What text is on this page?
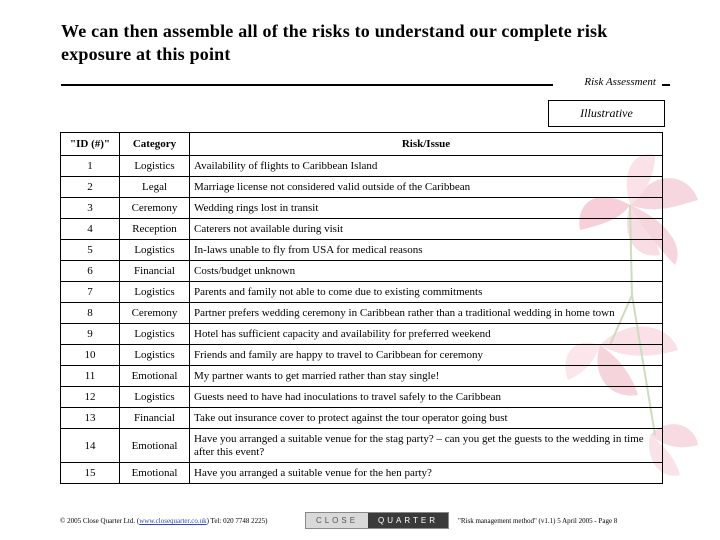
We can then assemble all of the risks to understand our complete risk exposure at this point
Risk Assessment
Illustrative
"ID (#)"	Category	Risk/Issue
1	Logistics	Availability of flights to Caribbean Island
2	Legal	Marriage license not considered valid outside of the Caribbean
3	Ceremony	Wedding rings lost in transit
4	Reception	Caterers not available during visit
5	Logistics	In-laws unable to fly from USA for medical reasons
6	Financial	Costs/budget unknown
7	Logistics	Parents and family not able to come due to existing commitments
8	Ceremony	Partner prefers wedding ceremony in Caribbean rather than a traditional wedding in home town
9	Logistics	Hotel has sufficient capacity and availability for preferred weekend
10	Logistics	Friends and family are happy to travel to Caribbean for ceremony
11	Emotional	My partner wants to get married rather than stay single!
12	Logistics	Guests need to have had inoculations to travel safely to the Caribbean
13	Financial	Take out insurance cover to protect against the tour operator going bust
14	Emotional	Have you arranged a suitable venue for the stag party? – can you get the guests to the wedding in time after this event?
15	Emotional	Have you arranged a suitable venue for the hen party?
© 2005 Close Quarter Ltd. (www.closequarter.co.uk) Tel: 020 7748 2225)	CLOSE	QUARTER	"Risk management method" (v1.1) 5 April 2005 - Page 8
